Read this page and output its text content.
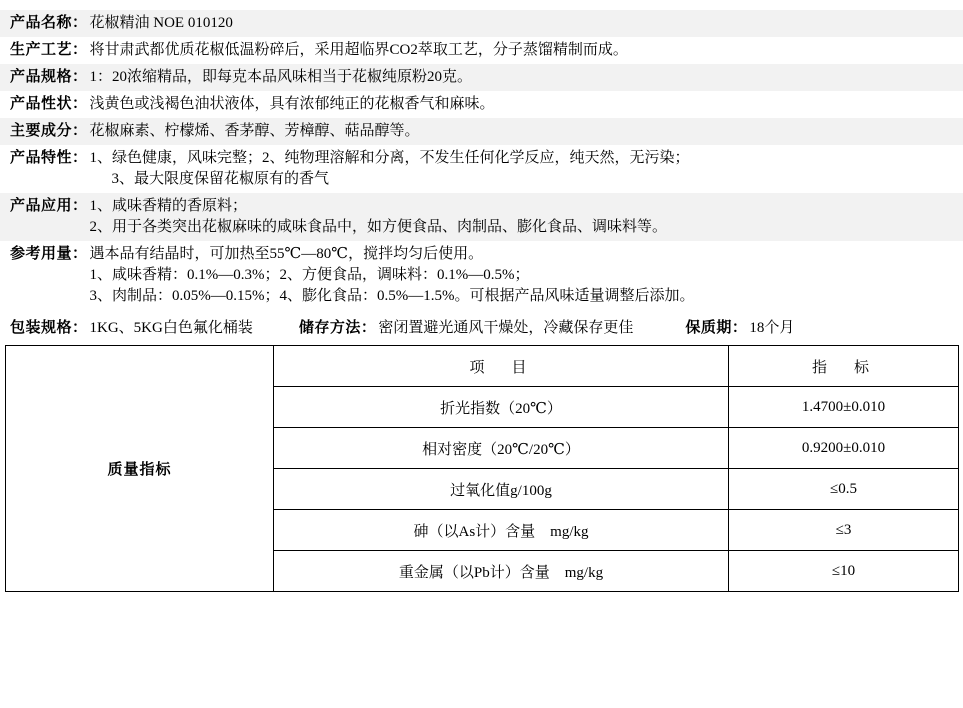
产品名称： 花椒精油 NOE 010120
生产工艺： 将甘肃武都优质花椒低温粉碎后，采用超临界CO2萃取工艺，分子蒸馏精制而成。
产品规格： 1：20浓缩精品，即每克本品风味相当于花椒纯原粉20克。
产品性状： 浅黄色或浅褐色油状液体，具有浓郁纯正的花椒香气和麻味。
主要成分： 花椒麻素、柠檬烯、香茅醇、芳樟醇、萜品醇等。
产品特性： 1、绿色健康，风味完整；2、纯物理溶解和分离，不发生任何化学反应，纯天然，无污染；
3、最大限度保留花椒原有的香气
产品应用： 1、咸味香精的香原料；
2、用于各类突出花椒麻味的咸味食品中，如方便食品、肉制品、膨化食品、调味料等。
参考用量： 遇本品有结晶时，可加热至55℃—80℃，搅拌均匀后使用。
1、咸味香精：0.1%—0.3%；2、方便食品，调味料：0.1%—0.5%；
3、肉制品：0.05%—0.15%；4、膨化食品：0.5%—1.5%。可根据产品风味适量调整后添加。
包装规格： 1KG、5KG白色氟化桶装	储存方法： 密闭置避光通风干燥处，冷藏保存更佳	保质期： 18个月
质量指标	项　目	指　标
	折光指数（20℃）	1.4700±0.010
	相对密度（20℃/20℃）	0.9200±0.010
	过氧化值g/100g	≤0.5
	砷（以As计）含量　mg/kg	≤3
	重金属（以Pb计）含量　mg/kg	≤10
